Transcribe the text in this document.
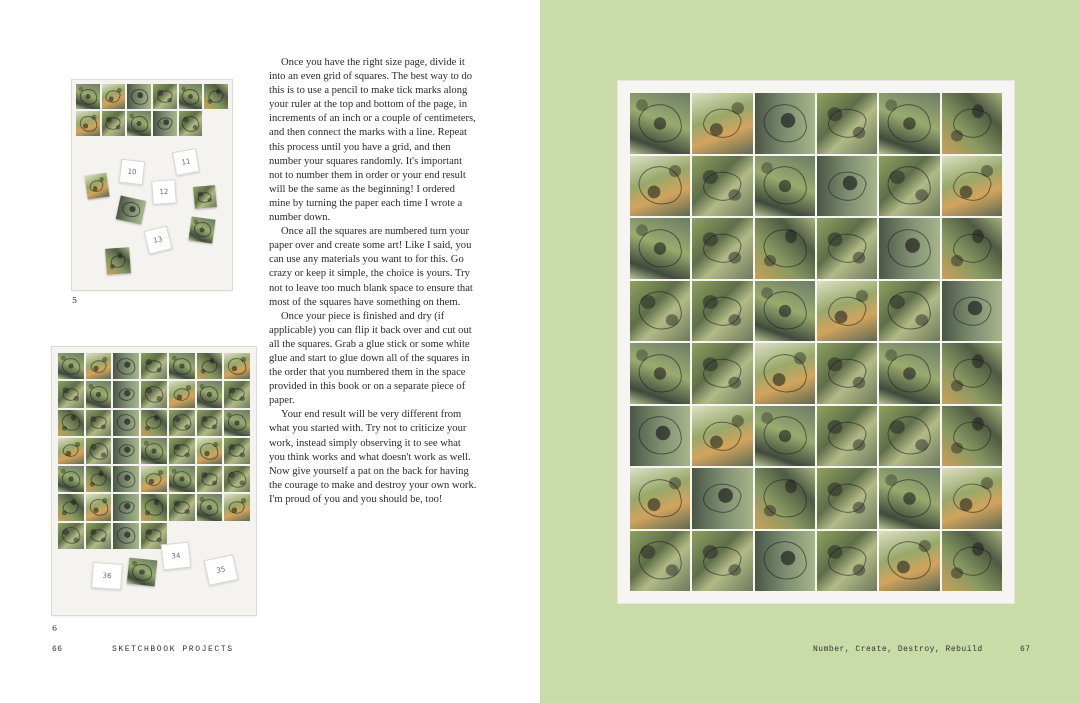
11
10
12
13
5
34
36
35
6

Once you have the right size page, divide it into an even grid of squares. The best way to do this is to use a pencil to make tick marks along your ruler at the top and bottom of the page, in increments of an inch or a couple of centimeters, and then connect the marks with a line. Repeat this process until you have a grid, and then number your squares randomly. It's important not to number them in order or your end result will be the same as the beginning! I ordered mine by turning the paper each time I wrote a number down.

Once all the squares are numbered turn your paper over and create some art! Like I said, you can use any materials you want to for this. Go crazy or keep it simple, the choice is yours. Try not to leave too much blank space to ensure that most of the squares have something on them.

Once your piece is finished and dry (if applicable) you can flip it back over and cut out all the squares. Grab a glue stick or some white glue and start to glue down all of the squares in the order that you numbered them in the space provided in this book or on a separate piece of paper.

Your end result will be very different from what you started with. Try not to criticize your work, instead simply observing it to see what you think works and what doesn't work as well. Now give yourself a pat on the back for having the courage to make and destroy your own work. I'm proud of you and you should be, too!

66	SKETCHBOOK PROJECTS	Number, Create, Destroy, Rebuild	67
